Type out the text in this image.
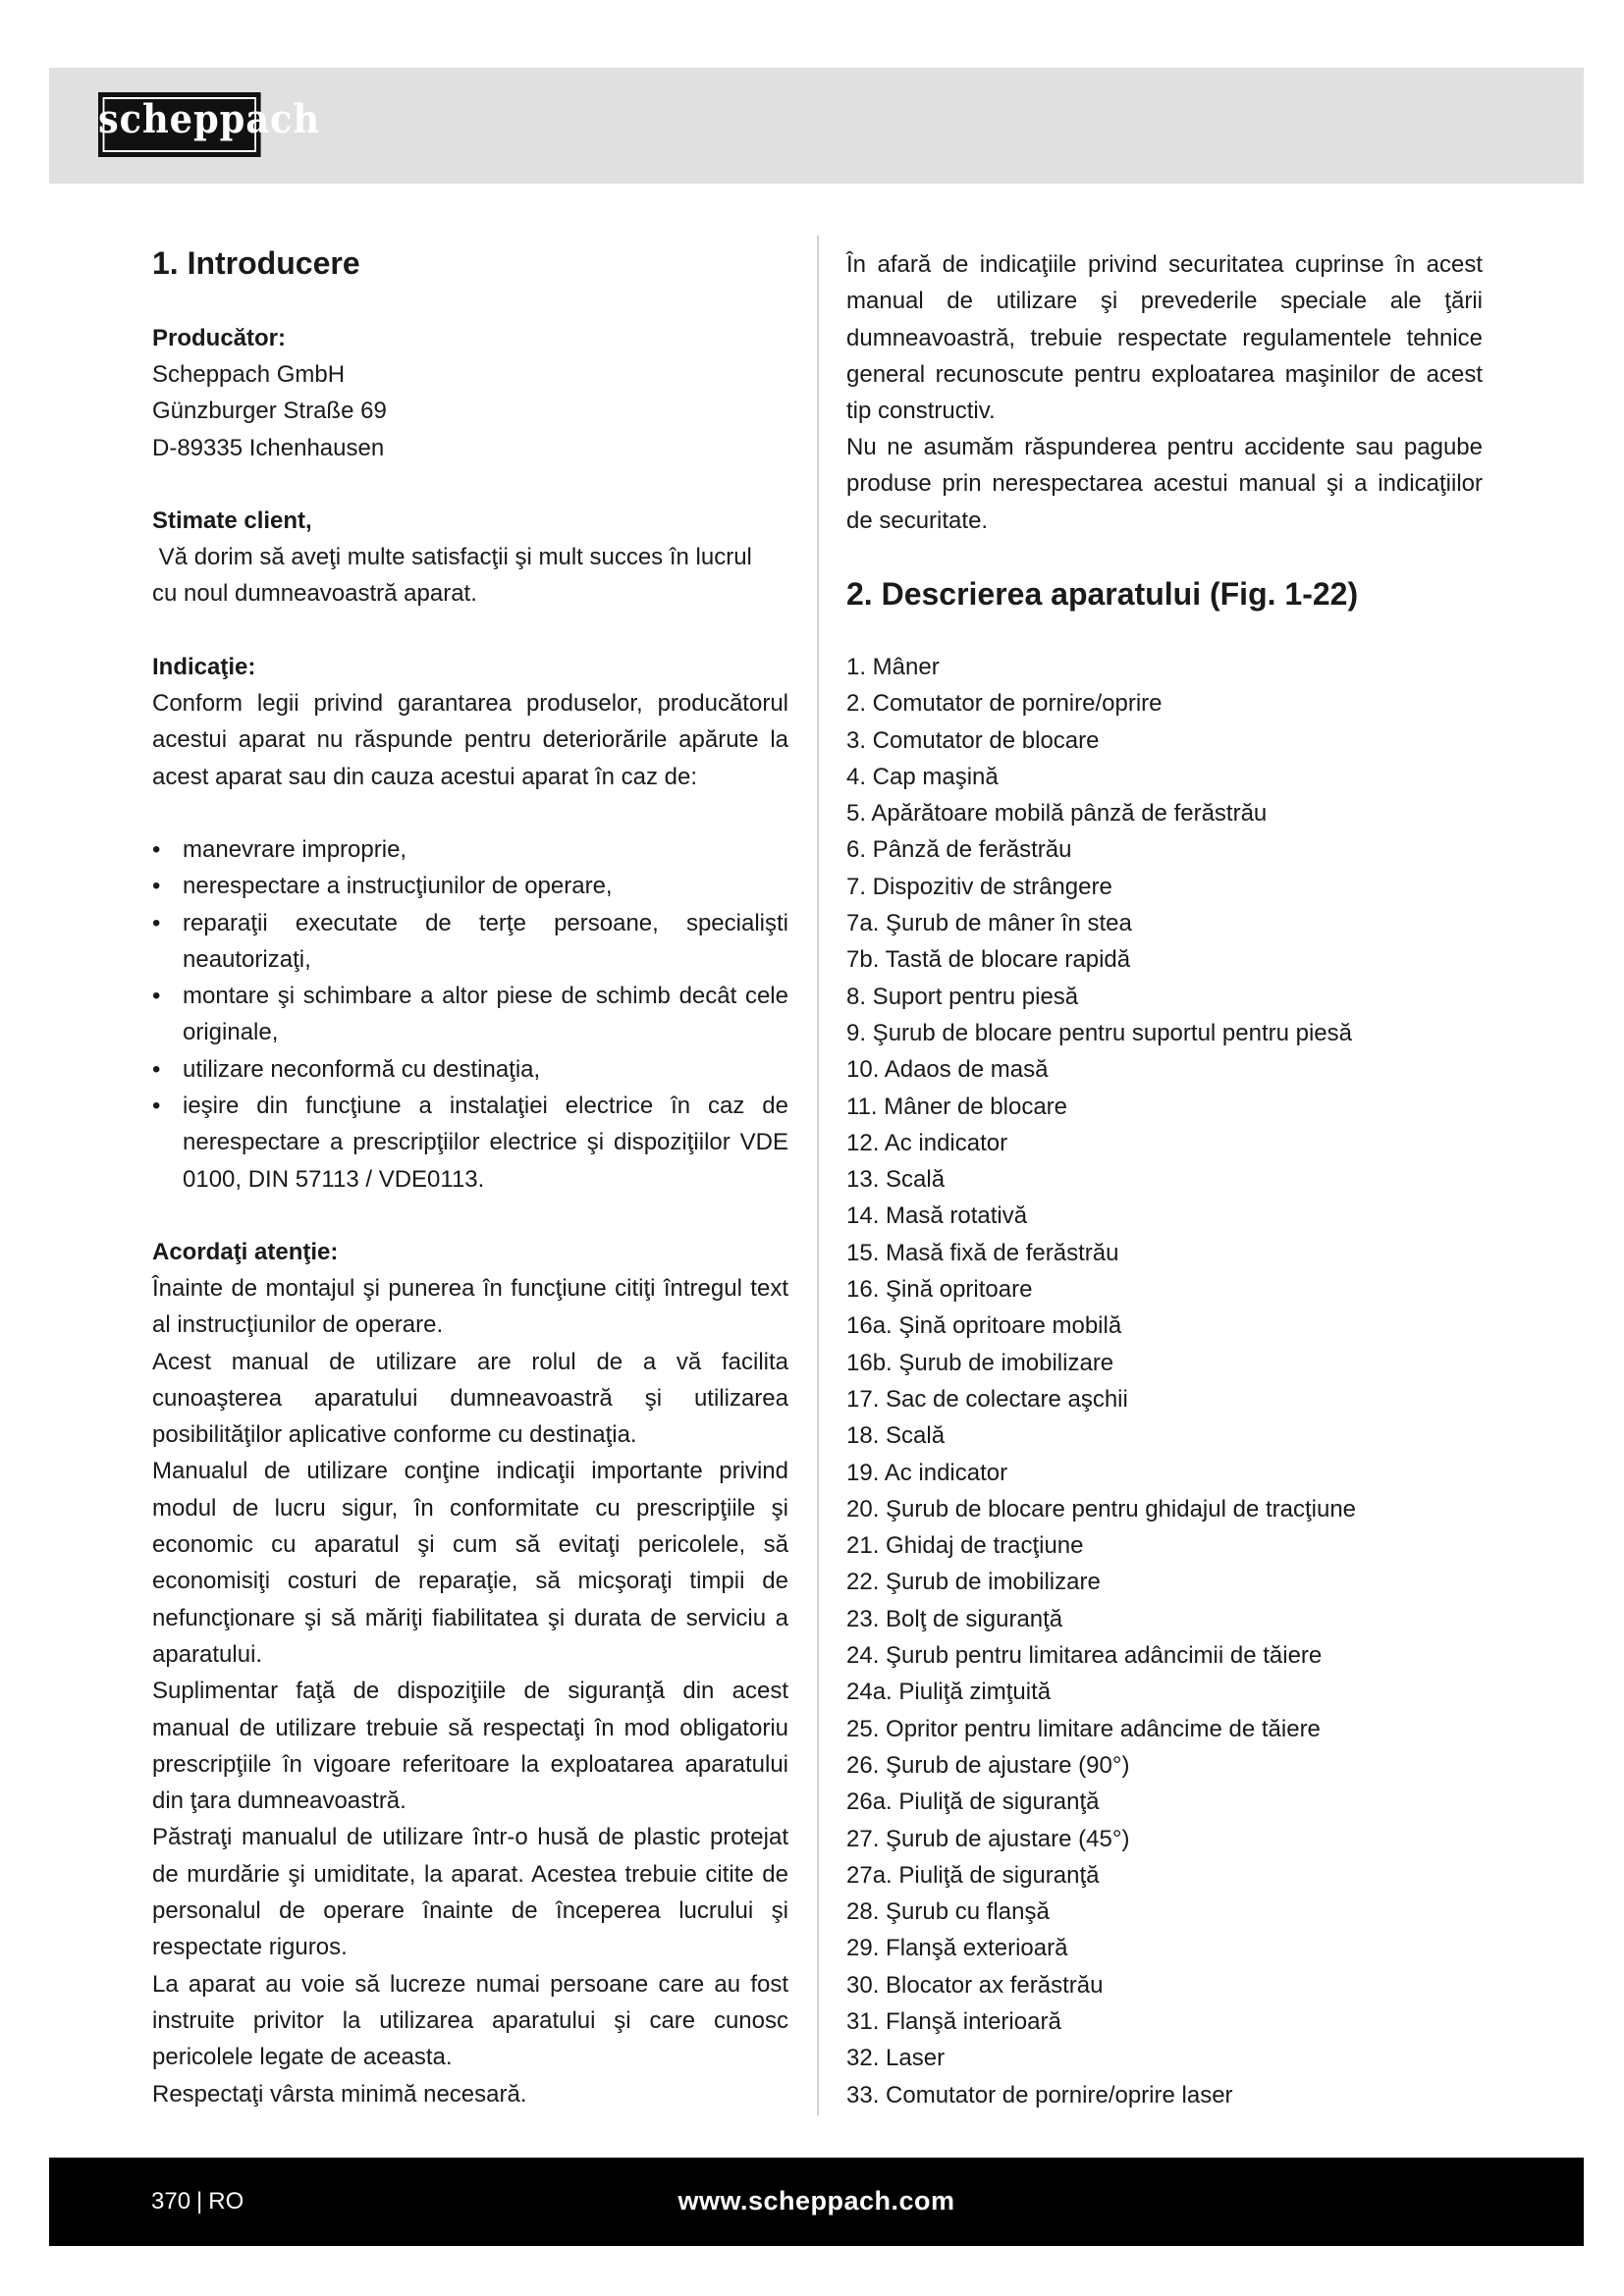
scheppach
1. Introducere
Producător:
Scheppach GmbH
Günzburger Straße 69
D-89335 Ichenhausen
Stimate client,
Vă dorim să aveţi multe satisfacţii şi mult succes în lucrul cu noul dumneavoastră aparat.
Indicaţie:
Conform legii privind garantarea produselor, producătorul acestui aparat nu răspunde pentru deteriorările apărute la acest aparat sau din cauza acestui aparat în caz de:
• manevrare improprie,
• nerespectare a instrucţiunilor de operare,
• reparaţii executate de terţe persoane, specialişti neautorizaţi,
• montare şi schimbare a altor piese de schimb decât cele originale,
• utilizare neconformă cu destinaţia,
• ieşire din funcţiune a instalaţiei electrice în caz de nerespectare a prescripţiilor electrice şi dispoziţiilor VDE 0100, DIN 57113 / VDE0113.
Acordaţi atenţie:
Înainte de montajul şi punerea în funcţiune citiţi întregul text al instrucţiunilor de operare.
Acest manual de utilizare are rolul de a vă facilita cunoaşterea aparatului dumneavoastră şi utilizarea posibilităţilor aplicative conforme cu destinaţia.
Manualul de utilizare conţine indicaţii importante privind modul de lucru sigur, în conformitate cu prescripţiile şi economic cu aparatul şi cum să evitaţi pericolele, să economisiţi costuri de reparaţie, să micşoraţi timpii de nefuncţionare şi să măriţi fiabilitatea şi durata de serviciu a aparatului.
Suplimentar faţă de dispoziţiile de siguranţă din acest manual de utilizare trebuie să respectaţi în mod obligatoriu prescripţiile în vigoare referitoare la exploatarea aparatului din ţara dumneavoastră.
Păstraţi manualul de utilizare într-o husă de plastic protejat de murdărie şi umiditate, la aparat. Acestea trebuie citite de personalul de operare înainte de începerea lucrului şi respectate riguros.
La aparat au voie să lucreze numai persoane care au fost instruite privitor la utilizarea aparatului şi care cunosc pericolele legate de aceasta.
Respectaţi vârsta minimă necesară.
În afară de indicaţiile privind securitatea cuprinse în acest manual de utilizare şi prevederile speciale ale ţării dumneavoastră, trebuie respectate regulamentele tehnice general recunoscute pentru exploatarea maşinilor de acest tip constructiv.
Nu ne asumăm răspunderea pentru accidente sau pagube produse prin nerespectarea acestui manual şi a indicaţiilor de securitate.
2. Descrierea aparatului (Fig. 1-22)
1. Mâner
2. Comutator de pornire/oprire
3. Comutator de blocare
4. Cap maşină
5. Apărătoare mobilă pânză de ferăstrău
6. Pânză de ferăstrău
7. Dispozitiv de strângere
7a. Şurub de mâner în stea
7b. Tastă de blocare rapidă
8. Suport pentru piesă
9. Şurub de blocare pentru suportul pentru piesă
10. Adaos de masă
11. Mâner de blocare
12. Ac indicator
13. Scală
14. Masă rotativă
15. Masă fixă de ferăstrău
16. Şină opritoare
16a. Şină opritoare mobilă
16b. Şurub de imobilizare
17. Sac de colectare aşchii
18. Scală
19. Ac indicator
20. Şurub de blocare pentru ghidajul de tracţiune
21. Ghidaj de tracţiune
22. Şurub de imobilizare
23. Bolţ de siguranţă
24. Şurub pentru limitarea adâncimii de tăiere
24a. Piuliţă zimţuită
25. Opritor pentru limitare adâncime de tăiere
26. Şurub de ajustare (90°)
26a. Piuliţă de siguranţă
27. Şurub de ajustare (45°)
27a. Piuliţă de siguranţă
28. Şurub cu flanşă
29. Flanşă exterioară
30. Blocator ax ferăstrău
31. Flanşă interioară
32. Laser
33. Comutator de pornire/oprire laser
370 | RO	www.scheppach.com
